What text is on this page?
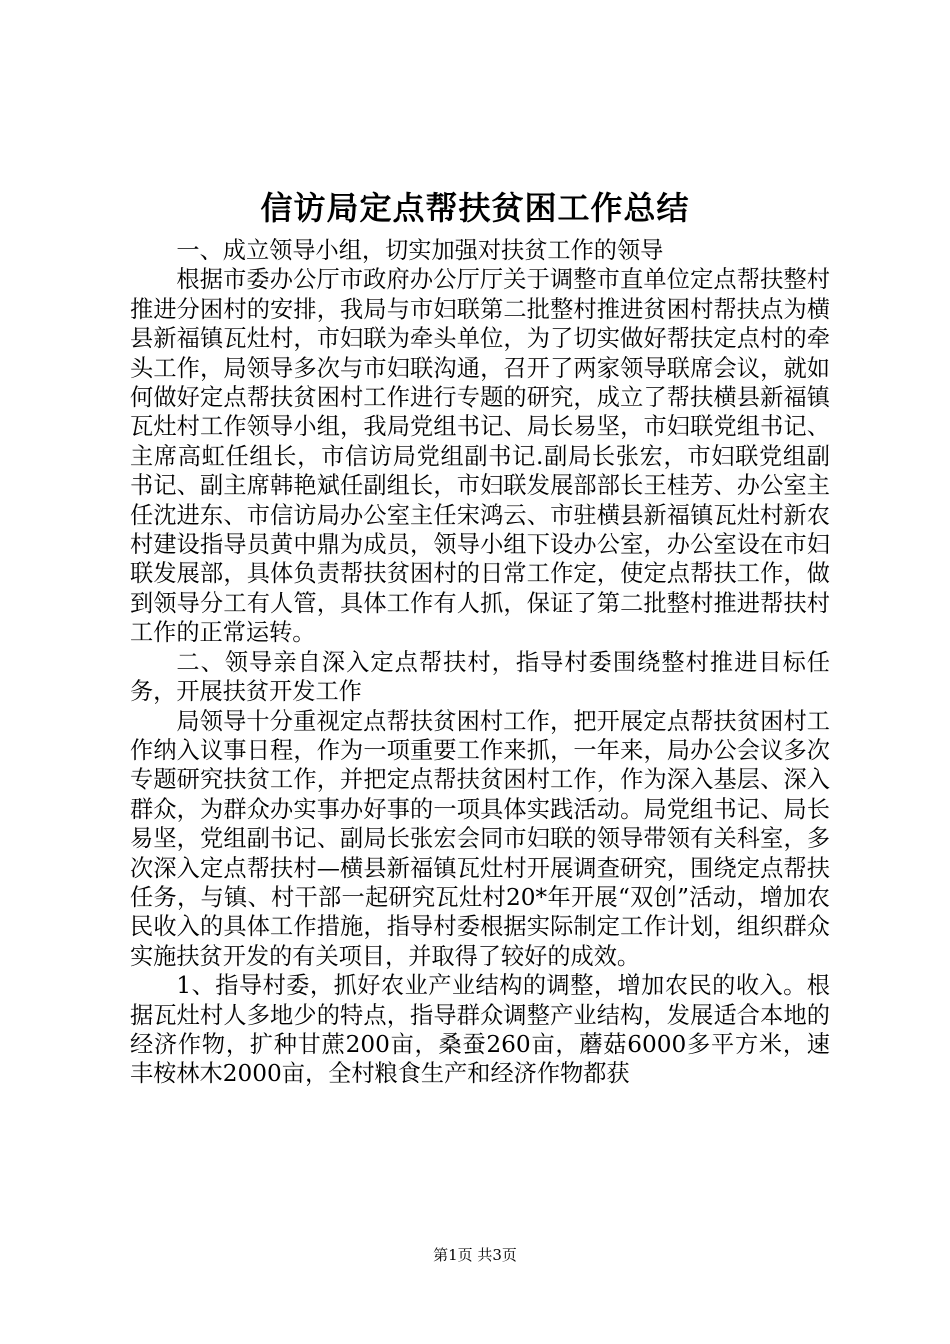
信访局定点帮扶贫困工作总结

一、成立领导小组，切实加强对扶贫工作的领导

根据市委办公厅市政府办公厅厅关于调整市直单位定点帮扶整村推进分困村的安排，我局与市妇联第二批整村推进贫困村帮扶点为横县新福镇瓦灶村，市妇联为牵头单位，为了切实做好帮扶定点村的牵头工作，局领导多次与市妇联沟通，召开了两家领导联席会议，就如何做好定点帮扶贫困村工作进行专题的研究，成立了帮扶横县新福镇瓦灶村工作领导小组，我局党组书记、局长易坚，市妇联党组书记、主席高虹任组长，市信访局党组副书记.副局长张宏，市妇联党组副书记、副主席韩艳斌任副组长，市妇联发展部部长王桂芳、办公室主任沈进东、市信访局办公室主任宋鸿云、市驻横县新福镇瓦灶村新农村建设指导员黄中鼎为成员，领导小组下设办公室，办公室设在市妇联发展部，具体负责帮扶贫困村的日常工作定，使定点帮扶工作，做到领导分工有人管，具体工作有人抓，保证了第二批整村推进帮扶村工作的正常运转。

二、领导亲自深入定点帮扶村，指导村委围绕整村推进目标任务，开展扶贫开发工作

局领导十分重视定点帮扶贫困村工作，把开展定点帮扶贫困村工作纳入议事日程，作为一项重要工作来抓，一年来，局办公会议多次专题研究扶贫工作，并把定点帮扶贫困村工作，作为深入基层、深入群众，为群众办实事办好事的一项具体实践活动。局党组书记、局长易坚，党组副书记、副局长张宏会同市妇联的领导带领有关科室，多次深入定点帮扶村—横县新福镇瓦灶村开展调查研究，围绕定点帮扶任务，与镇、村干部一起研究瓦灶村20*年开展“双创”活动，增加农民收入的具体工作措施，指导村委根据实际制定工作计划，组织群众实施扶贫开发的有关项目，并取得了较好的成效。

1、指导村委，抓好农业产业结构的调整，增加农民的收入。根据瓦灶村人多地少的特点，指导群众调整产业结构，发展适合本地的经济作物，扩种甘蔗200亩，桑蚕260亩，蘑菇6000多平方米，速丰桉林木2000亩，全村粮食生产和经济作物都获

第1页 共3页
